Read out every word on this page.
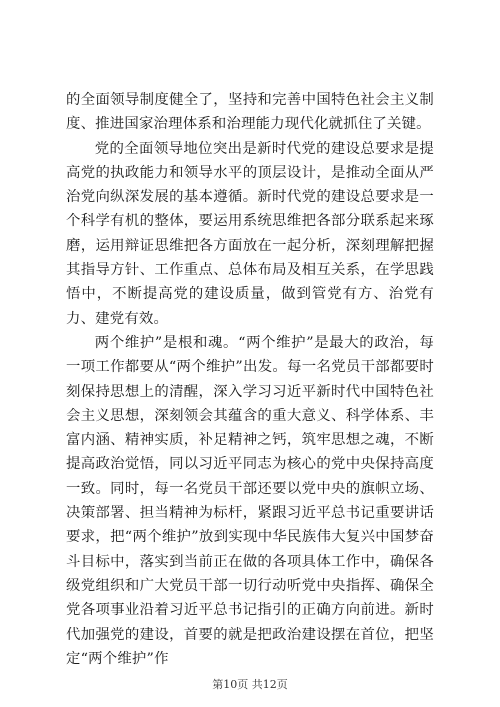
的全面领导制度健全了，坚持和完善中国特色社会主义制度、推进国家治理体系和治理能力现代化就抓住了关键。

党的全面领导地位突出是新时代党的建设总要求是提高党的执政能力和领导水平的顶层设计，是推动全面从严治党向纵深发展的基本遵循。新时代党的建设总要求是一个科学有机的整体，要运用系统思维把各部分联系起来琢磨，运用辩证思维把各方面放在一起分析，深刻理解把握其指导方针、工作重点、总体布局及相互关系，在学思践悟中，不断提高党的建设质量，做到管党有方、治党有力、建党有效。

两个维护”是根和魂。“两个维护”是最大的政治，每一项工作都要从“两个维护”出发。每一名党员干部都要时刻保持思想上的清醒，深入学习习近平新时代中国特色社会主义思想，深刻领会其蕴含的重大意义、科学体系、丰富内涵、精神实质，补足精神之钙，筑牢思想之魂，不断提高政治觉悟，同以习近平同志为核心的党中央保持高度一致。同时，每一名党员干部还要以党中央的旗帜立场、决策部署、担当精神为标杆，紧跟习近平总书记重要讲话要求，把“两个维护”放到实现中华民族伟大复兴中国梦奋斗目标中，落实到当前正在做的各项具体工作中，确保各级党组织和广大党员干部一切行动听党中央指挥、确保全党各项事业沿着习近平总书记指引的正确方向前进。新时代加强党的建设，首要的就是把政治建设摆在首位，把坚定“两个维护”作

第10页 共12页
